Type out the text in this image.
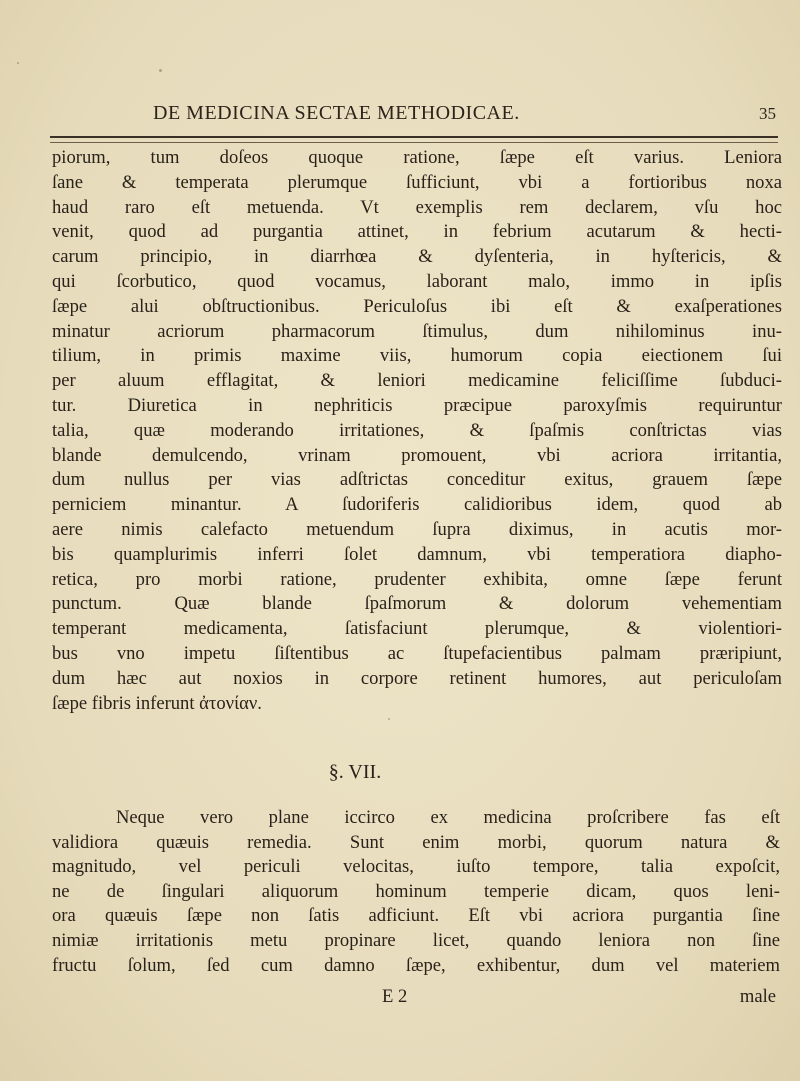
DE MEDICINA SECTAE METHODICAE.	35
piorum, tum doſeos quoque ratione, ſæpe eſt varius. Leniora
ſane & temperata plerumque ſufficiunt, vbi a fortioribus noxa
haud raro eſt metuenda. Vt exemplis rem declarem, vſu hoc
venit, quod ad purgantia attinet, in febrium acutarum & hecti-
carum principio, in diarrhœa & dyſenteria, in hyſtericis, &
qui ſcorbutico, quod vocamus, laborant malo, immo in ipſis
ſæpe alui obſtructionibus. Periculoſus ibi eſt & exaſperationes
minatur acriorum pharmacorum ſtimulus, dum nihilominus inu-
tilium, in primis maxime viis, humorum copia eiectionem ſui
per aluum efflagitat, & leniori medicamine feliciſſime ſubduci-
tur. Diuretica in nephriticis præcipue paroxyſmis requiruntur
talia, quæ moderando irritationes, & ſpaſmis conſtrictas vias
blande demulcendo, vrinam promouent, vbi acriora irritantia,
dum nullus per vias adſtrictas conceditur exitus, grauem ſæpe
perniciem minantur. A ſudoriferis calidioribus idem, quod ab
aere nimis calefacto metuendum ſupra diximus, in acutis mor-
bis quamplurimis inferri ſolet damnum, vbi temperatiora diapho-
retica, pro morbi ratione, prudenter exhibita, omne ſæpe ferunt
punctum. Quæ blande ſpaſmorum & dolorum vehementiam
temperant medicamenta, ſatisfaciunt plerumque, & violentiori-
bus vno impetu ſiſtentibus ac ſtupefacientibus palmam præripiunt,
dum hæc aut noxios in corpore retinent humores, aut periculoſam
ſæpe fibris inferunt ἀτονίαν.
§. VII.
Neque vero plane iccirco ex medicina proſcribere fas eſt
validiora quæuis remedia. Sunt enim morbi, quorum natura &
magnitudo, vel periculi velocitas, iuſto tempore, talia expoſcit,
ne de ſingulari aliquorum hominum temperie dicam, quos leni-
ora quæuis ſæpe non ſatis adficiunt. Eſt vbi acriora purgantia ſine
nimiæ irritationis metu propinare licet, quando leniora non ſine
fructu ſolum, ſed cum damno ſæpe, exhibentur, dum vel materiem
E 2	male
